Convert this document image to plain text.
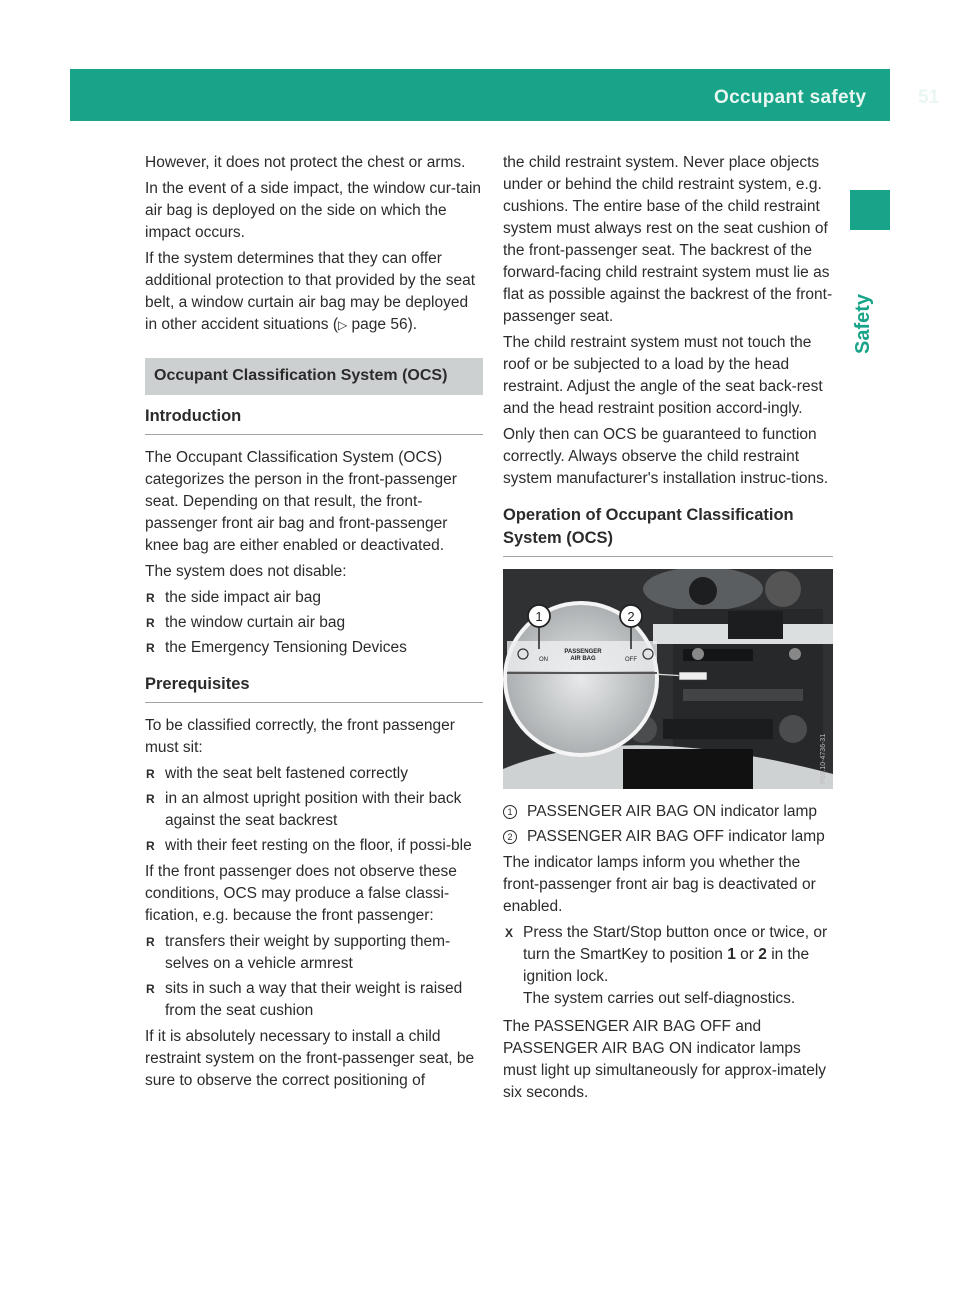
Occupant safety	51
Safety

However, it does not protect the chest or arms.

In the event of a side impact, the window cur-tain air bag is deployed on the side on which the impact occurs.

If the system determines that they can offer additional protection to that provided by the seat belt, a window curtain air bag may be deployed in other accident situations (▷ page 56).

Occupant Classification System (OCS)
Introduction

The Occupant Classification System (OCS) categorizes the person in the front-passenger seat. Depending on that result, the front-passenger front air bag and front-passenger knee bag are either enabled or deactivated.

The system does not disable:

R the side impact air bag
R the window curtain air bag
R the Emergency Tensioning Devices
Prerequisites

To be classified correctly, the front passenger must sit:

R with the seat belt fastened correctly
R in an almost upright position with their back against the seat backrest
R with their feet resting on the floor, if possi-ble

If the front passenger does not observe these conditions, OCS may produce a false classi-fication, e.g. because the front passenger:

R transfers their weight by supporting them-selves on a vehicle armrest
R sits in such a way that their weight is raised from the seat cushion

If it is absolutely necessary to install a child restraint system on the front-passenger seat, be sure to observe the correct positioning of

the child restraint system. Never place objects under or behind the child restraint system, e.g. cushions. The entire base of the child restraint system must always rest on the seat cushion of the front-passenger seat. The backrest of the forward-facing child restraint system must lie as flat as possible against the backrest of the front-passenger seat.

The child restraint system must not touch the roof or be subjected to a load by the head restraint. Adjust the angle of the seat back-rest and the head restraint position accord-ingly.

Only then can OCS be guaranteed to function correctly. Always observe the child restraint system manufacturer's installation instruc-tions.

Operation of Occupant Classification System (OCS)
1	2
ON
PASSENGER
AIR BAG	OFF
P68.10-4736-31
1 PASSENGER AIR BAG ON indicator lamp
2 PASSENGER AIR BAG OFF indicator lamp

The indicator lamps inform you whether the front-passenger front air bag is deactivated or enabled.

X Press the Start/Stop button once or twice, or turn the SmartKey to position 1 or 2 in the ignition lock.
The system carries out self-diagnostics.

The PASSENGER AIR BAG OFF and PASSENGER AIR BAG ON indicator lamps must light up simultaneously for approx-imately six seconds.
